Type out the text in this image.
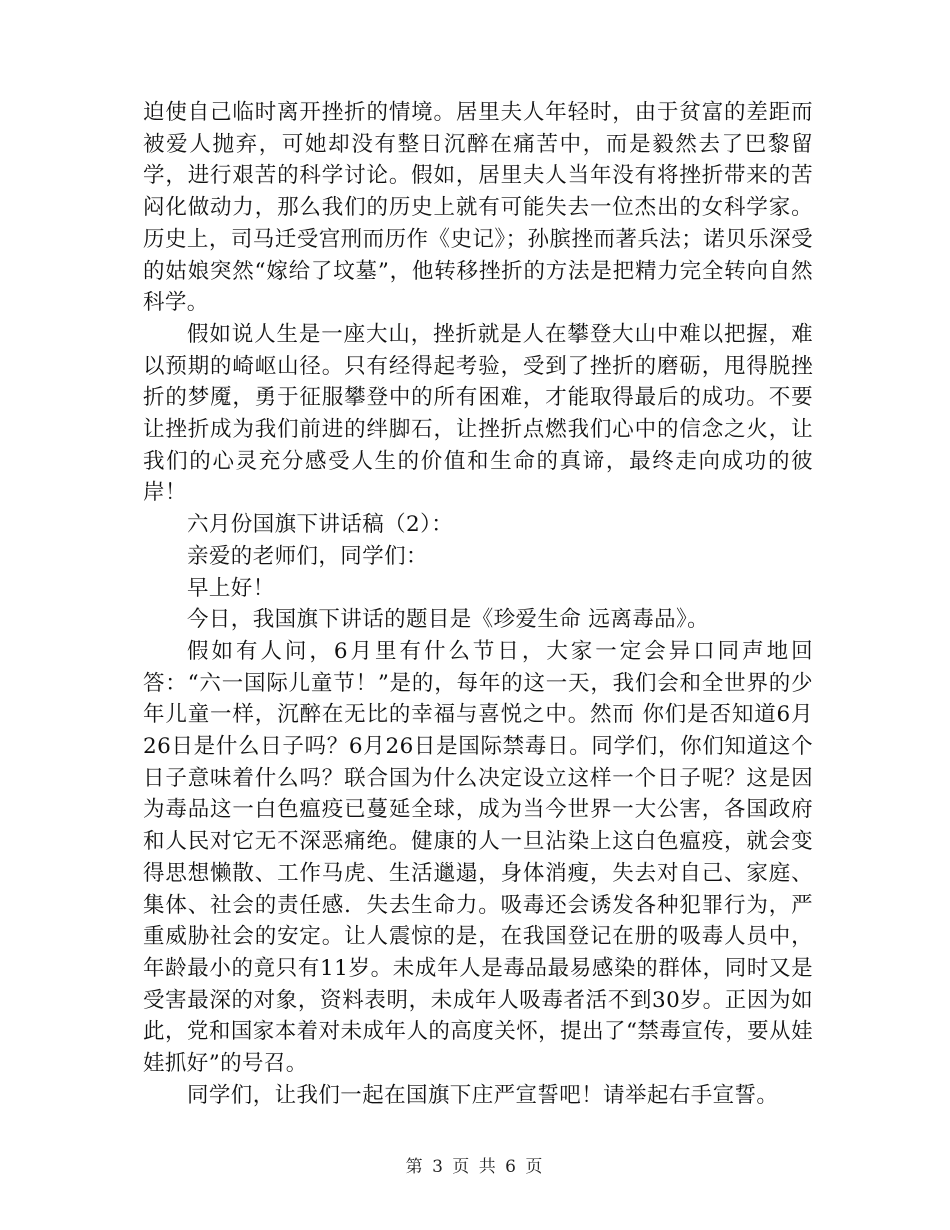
迫使自己临时离开挫折的情境。居里夫人年轻时，由于贫富的差距而被爱人抛弃，可她却没有整日沉醉在痛苦中，而是毅然去了巴黎留学，进行艰苦的科学讨论。假如，居里夫人当年没有将挫折带来的苦闷化做动力，那么我们的历史上就有可能失去一位杰出的女科学家。历史上，司马迁受宫刑而历作《史记》；孙膑挫而著兵法；诺贝乐深受的姑娘突然“嫁给了坟墓”，他转移挫折的方法是把精力完全转向自然科学。

假如说人生是一座大山，挫折就是人在攀登大山中难以把握，难以预期的崎岖山径。只有经得起考验，受到了挫折的磨砺，甩得脱挫折的梦魇，勇于征服攀登中的所有困难，才能取得最后的成功。不要让挫折成为我们前进的绊脚石，让挫折点燃我们心中的信念之火，让我们的心灵充分感受人生的价值和生命的真谛，最终走向成功的彼岸！

六月份国旗下讲话稿（2）：

亲爱的老师们，同学们：

早上好！

今日，我国旗下讲话的题目是《珍爱生命 远离毒品》。

假如有人问，6月里有什么节日，大家一定会异口同声地回答：“六一国际儿童节！”是的，每年的这一天，我们会和全世界的少年儿童一样，沉醉在无比的幸福与喜悦之中。然而 你们是否知道6月26日是什么日子吗？6月26日是国际禁毒日。同学们，你们知道这个日子意味着什么吗？联合国为什么决定设立这样一个日子呢？这是因为毒品这一白色瘟疫已蔓延全球，成为当今世界一大公害，各国政府和人民对它无不深恶痛绝。健康的人一旦沾染上这白色瘟疫，就会变得思想懒散、工作马虎、生活邋遢，身体消瘦，失去对自己、家庭、集体、社会的责任感．失去生命力。吸毒还会诱发各种犯罪行为，严重威胁社会的安定。让人震惊的是，在我国登记在册的吸毒人员中，年龄最小的竟只有11岁。未成年人是毒品最易感染的群体，同时又是受害最深的对象，资料表明，未成年人吸毒者活不到30岁。正因为如此，党和国家本着对未成年人的高度关怀，提出了“禁毒宣传，要从娃娃抓好”的号召。

同学们，让我们一起在国旗下庄严宣誓吧！请举起右手宣誓。

第 3 页 共 6 页
